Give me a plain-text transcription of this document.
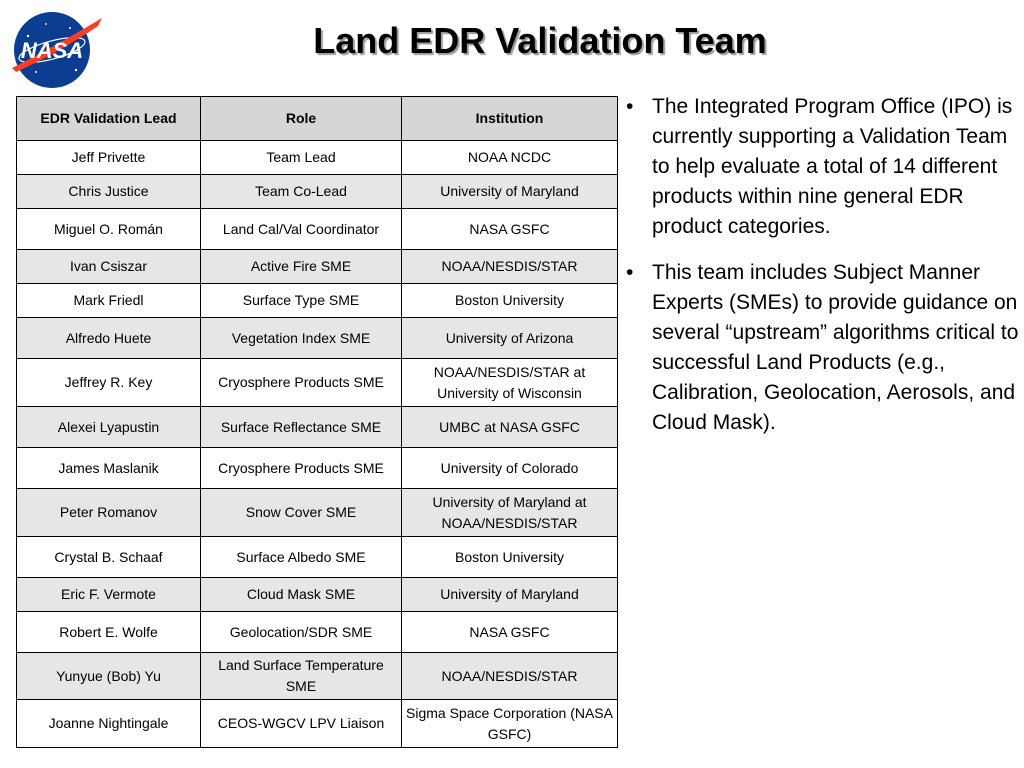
NASA	Land EDR Validation Team
EDR Validation Lead	Role	Institution
Jeff Privette	Team Lead	NOAA NCDC
Chris Justice	Team Co-Lead	University of Maryland
Miguel O. Román	Land Cal/Val Coordinator	NASA GSFC
Ivan Csiszar	Active Fire SME	NOAA/NESDIS/STAR
Mark Friedl	Surface Type SME	Boston University
Alfredo Huete	Vegetation Index SME	University of Arizona
Jeffrey R. Key	Cryosphere Products SME	NOAA/NESDIS/STAR at University of Wisconsin
Alexei Lyapustin	Surface Reflectance SME	UMBC at NASA GSFC
James Maslanik	Cryosphere Products SME	University of Colorado
Peter Romanov	Snow Cover SME	University of Maryland at NOAA/NESDIS/STAR
Crystal B. Schaaf	Surface Albedo SME	Boston University
Eric F. Vermote	Cloud Mask SME	University of Maryland
Robert E. Wolfe	Geolocation/SDR SME	NASA GSFC
Yunyue (Bob) Yu	Land Surface Temperature SME	NOAA/NESDIS/STAR
Joanne Nightingale	CEOS-WGCV LPV Liaison	Sigma Space Corporation (NASA GSFC)
• The Integrated Program Office (IPO) is currently supporting a Validation Team to help evaluate a total of 14 different products within nine general EDR product categories.
• This team includes Subject Manner Experts (SMEs) to provide guidance on several “upstream” algorithms critical to successful Land Products (e.g., Calibration, Geolocation, Aerosols, and Cloud Mask).
